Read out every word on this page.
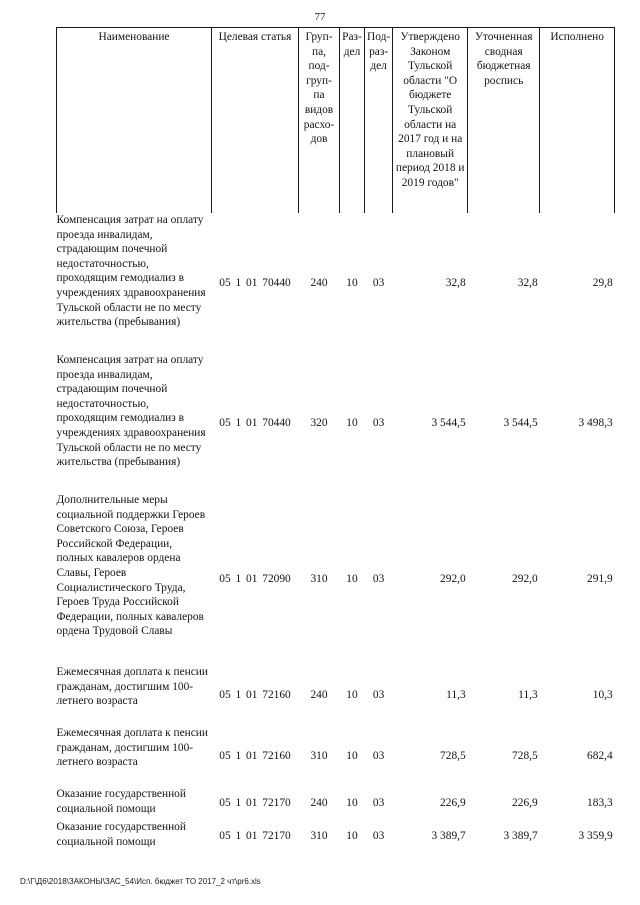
77
Наименование	Целевая статья	Груп-па, под-груп-па видов расхо-дов	Раз-дел	Под-раз-дел	Утверждено Законом Тульской области "О бюджете Тульской области на 2017 год и на плановый период 2018 и 2019 годов"	Уточненная сводная бюджетная роспись	Исполнено
Компенсация затрат на оплату проезда инвалидам, страдающим почечной недостаточностью, проходящим гемодиализ в учреждениях здравоохранения Тульской области не по месту жительства (пребывания)	05 1 01 70440	240	10	03	32,8	32,8	29,8
Компенсация затрат на оплату проезда инвалидам, страдающим почечной недостаточностью, проходящим гемодиализ в учреждениях здравоохранения Тульской области не по месту жительства (пребывания)	05 1 01 70440	320	10	03	3 544,5	3 544,5	3 498,3
Дополнительные меры социальной поддержки Героев Советского Союза, Героев Российской Федерации, полных кавалеров ордена Славы, Героев Социалистического Труда, Героев Труда Российской Федерации, полных кавалеров ордена Трудовой Славы	05 1 01 72090	310	10	03	292,0	292,0	291,9
Ежемесячная доплата к пенсии гражданам, достигшим 100-летнего возраста	05 1 01 72160	240	10	03	11,3	11,3	10,3
Ежемесячная доплата к пенсии гражданам, достигшим 100-летнего возраста	05 1 01 72160	310	10	03	728,5	728,5	682,4
Оказание государственной социальной помощи	05 1 01 72170	240	10	03	226,9	226,9	183,3
Оказание государственной социальной помощи	05 1 01 72170	310	10	03	3 389,7	3 389,7	3 359,9
D:\Г\Д6\2018\ЗАКОНЫ\ЗАС_54\Исп. бюджет ТО 2017_2 чт\pr6.xls
